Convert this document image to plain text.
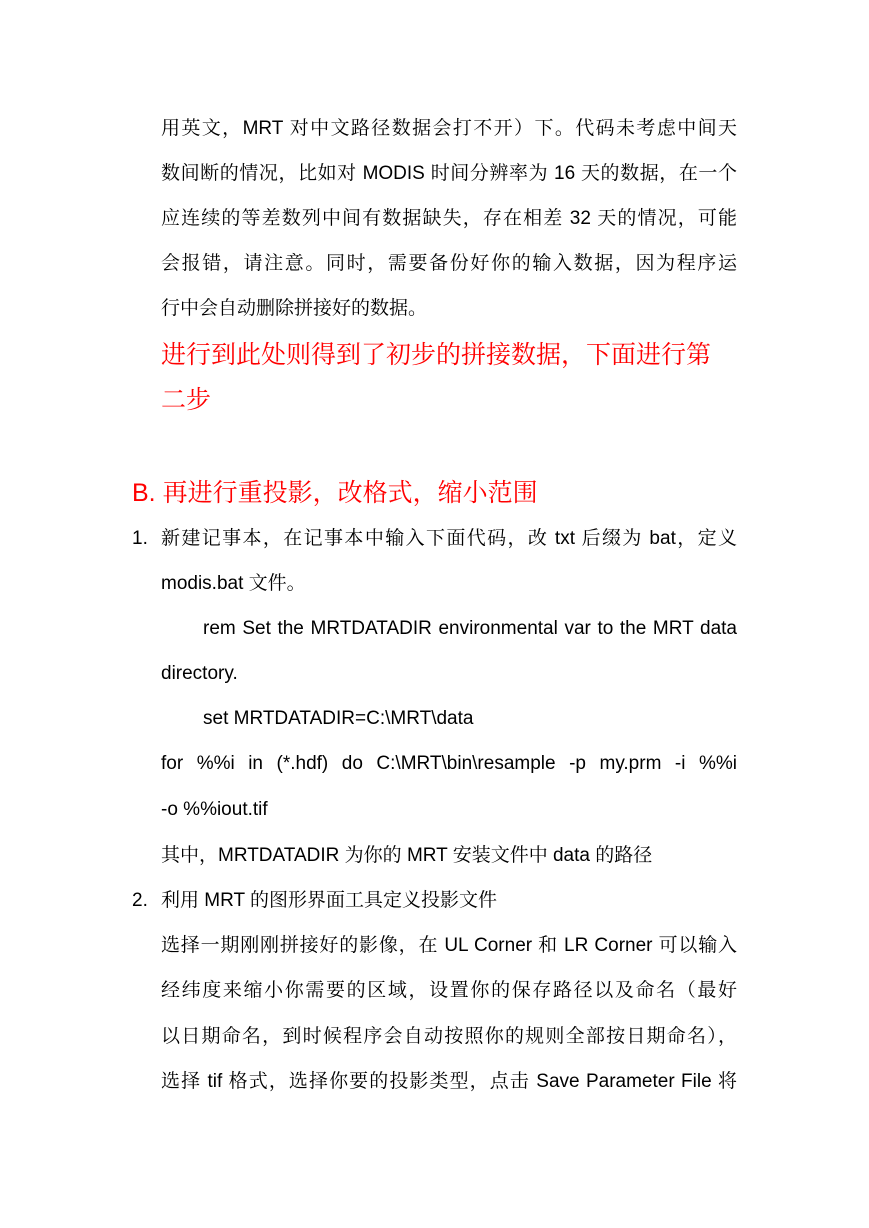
用英文，MRT 对中文路径数据会打不开）下。代码未考虑中间天
数间断的情况，比如对 MODIS 时间分辨率为 16 天的数据，在一个
应连续的等差数列中间有数据缺失，存在相差 32 天的情况，可能
会报错，请注意。同时，需要备份好你的输入数据，因为程序运
行中会自动删除拼接好的数据。
进行到此处则得到了初步的拼接数据，下面进行第
二步
B. 再进行重投影，改格式，缩小范围
1. 新建记事本，在记事本中输入下面代码，改 txt 后缀为 bat，定义
modis.bat 文件。
rem Set the MRTDATADIR environmental var to the MRT data
directory.
set MRTDATADIR=C:\MRT\data
for %%i in (*.hdf) do C:\MRT\bin\resample -p my.prm -i %%i
-o %%iout.tif
其中，MRTDATADIR 为你的 MRT 安装文件中 data 的路径
2. 利用 MRT 的图形界面工具定义投影文件
选择一期刚刚拼接好的影像，在 UL Corner 和 LR Corner 可以输入
经纬度来缩小你需要的区域，设置你的保存路径以及命名（最好
以日期命名，到时候程序会自动按照你的规则全部按日期命名），
选择 tif 格式，选择你要的投影类型，点击 Save Parameter File 将
